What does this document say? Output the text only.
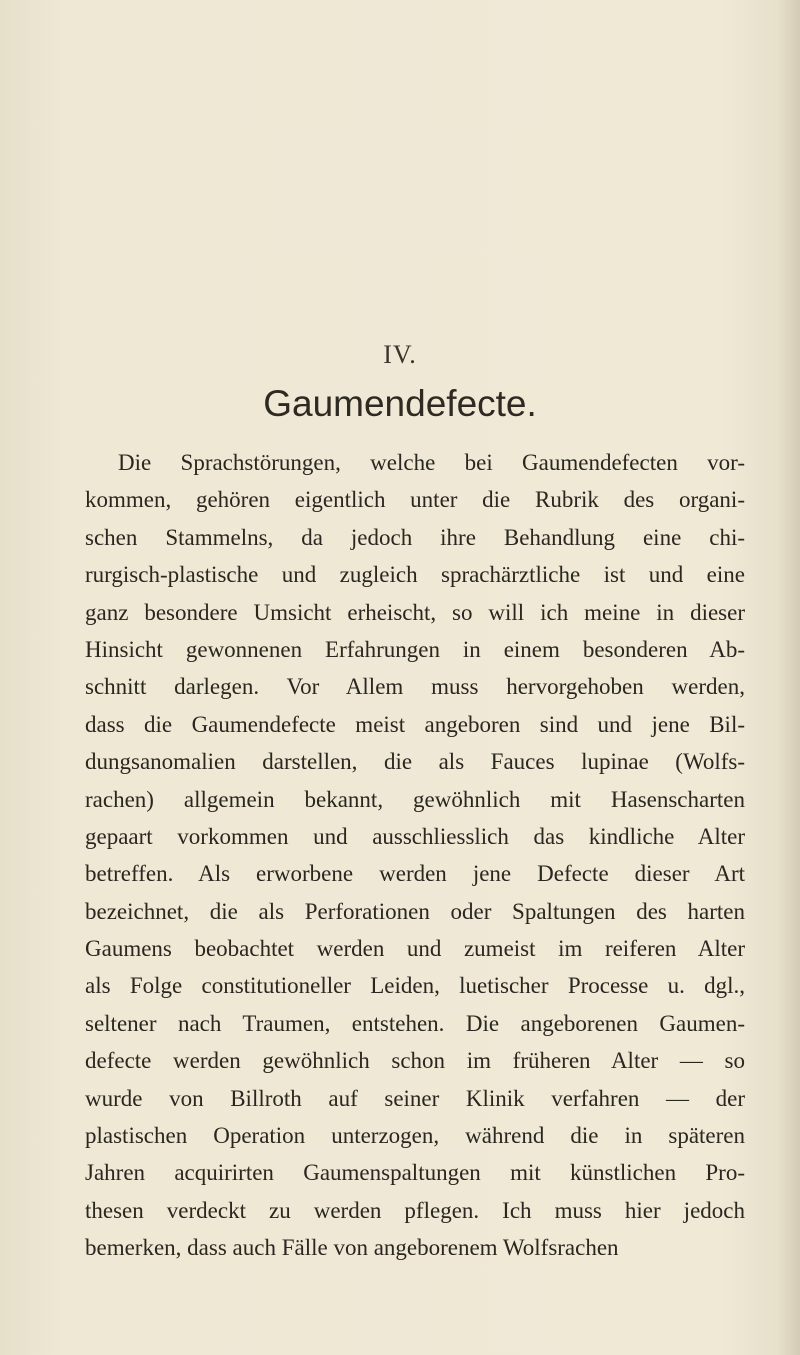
IV.
Gaumendefecte.
Die Sprachstörungen, welche bei Gaumendefecten vor-
kommen, gehören eigentlich unter die Rubrik des organi-
schen Stammelns, da jedoch ihre Behandlung eine chi-
rurgisch-plastische und zugleich sprachärztliche ist und eine
ganz besondere Umsicht erheischt, so will ich meine in dieser
Hinsicht gewonnenen Erfahrungen in einem besonderen Ab-
schnitt darlegen. Vor Allem muss hervorgehoben werden,
dass die Gaumendefecte meist angeboren sind und jene Bil-
dungsanomalien darstellen, die als Fauces lupinae (Wolfs-
rachen) allgemein bekannt, gewöhnlich mit Hasenscharten
gepaart vorkommen und ausschliesslich das kindliche Alter
betreffen. Als erworbene werden jene Defecte dieser Art
bezeichnet, die als Perforationen oder Spaltungen des harten
Gaumens beobachtet werden und zumeist im reiferen Alter
als Folge constitutioneller Leiden, luetischer Processe u. dgl.,
seltener nach Traumen, entstehen. Die angeborenen Gaumen-
defecte werden gewöhnlich schon im früheren Alter — so
wurde von Billroth auf seiner Klinik verfahren — der
plastischen Operation unterzogen, während die in späteren
Jahren acquirirten Gaumenspaltungen mit künstlichen Pro-
thesen verdeckt zu werden pflegen. Ich muss hier jedoch
bemerken, dass auch Fälle von angeborenem Wolfsrachen
